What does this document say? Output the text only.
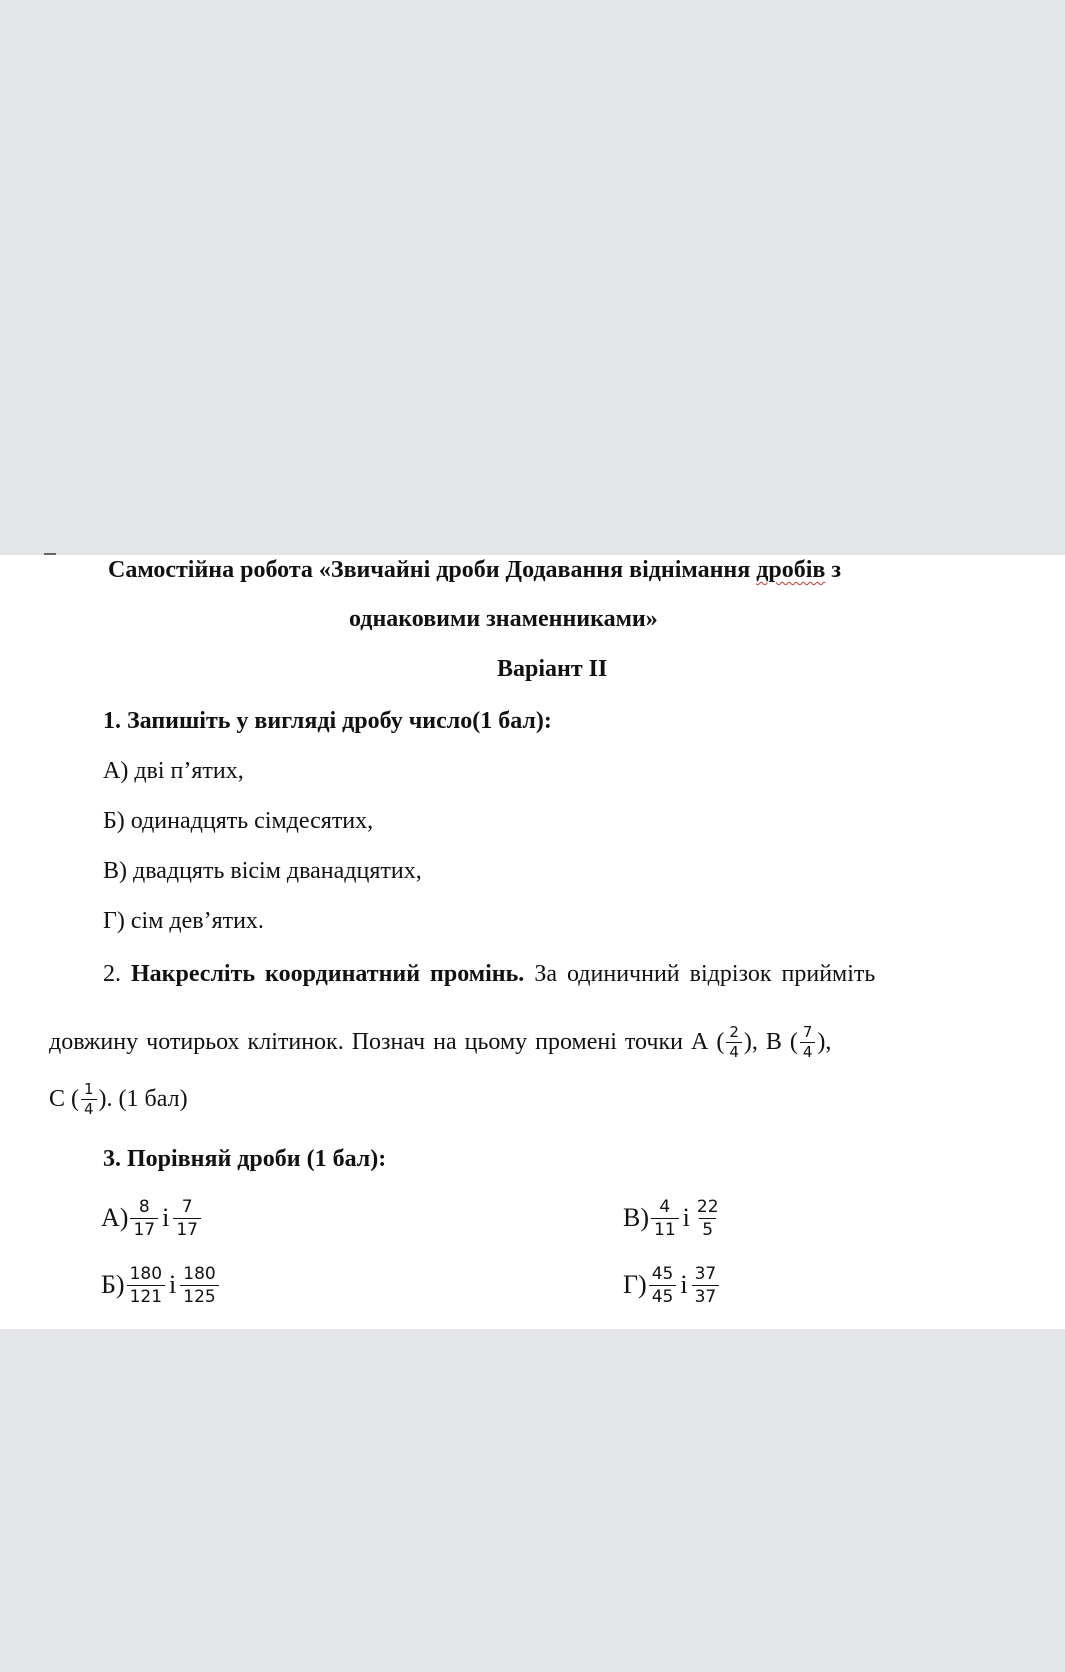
Самостійна робота «Звичайні дроби Додавання віднімання дробів з
однаковими знаменниками»
Варіант ІІ
1. Запишіть у вигляді дробу число(1 бал):
А) дві п’ятих,
Б) одинадцять сімдесятих,
В) двадцять вісім дванадцятих,
Г) сім дев’ятих.
2. Накресліть координатний промінь. За одиничний відрізок прийміть
довжину чотирьох клітинок. Познач на цьому промені точки А ( $\frac{2}{4}$ ), В ( $\frac{7}{4}$ ),
С ( $\frac{1}{4}$ ). (1 бал)
3. Порівняй дроби (1 бал):
$А) \frac{8}{17}$ і $\frac{7}{17}$	$В) \frac{4}{11}$ і $\frac{22}{5}$
$Б) \frac{180}{121}$ і $\frac{180}{125}$	$Г) \frac{45}{45}$ і $\frac{37}{37}$
